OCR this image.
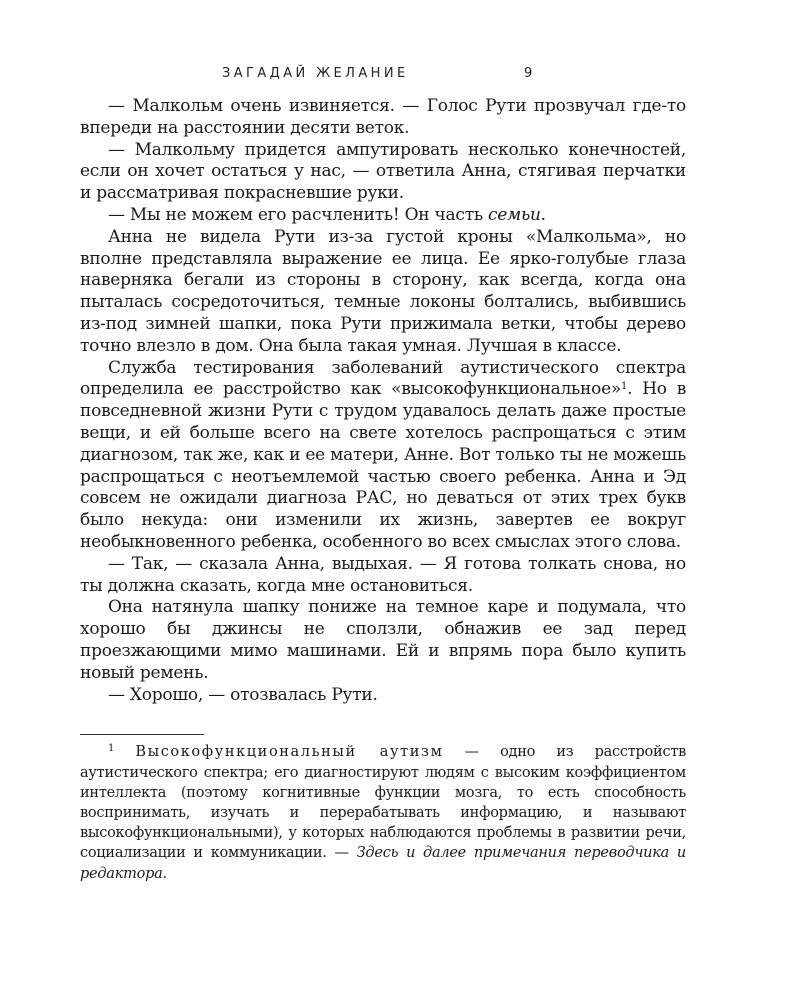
ЗАГАДАЙ ЖЕЛАНИЕ	9

— Малкольм очень извиняется. — Голос Рути прозвучал где-то впереди на расстоянии десяти веток.

— Малкольму придется ампутировать несколько конечностей, если он хочет остаться у нас, — ответила Анна, стягивая перчатки и рассматривая покрасневшие руки.

— Мы не можем его расчленить! Он часть семьи.

Анна не видела Рути из-за густой кроны «Малкольма», но вполне представляла выражение ее лица. Ее ярко-голубые глаза наверняка бегали из стороны в сторону, как всегда, когда она пыталась сосредоточиться, темные локоны болтались, выбившись из-под зимней шапки, пока Рути прижимала ветки, чтобы дерево точно влезло в дом. Она была такая умная. Лучшая в классе.

Служба тестирования заболеваний аутистического спектра определила ее расстройство как «высокофункциональное»$^1$. Но в повседневной жизни Рути с трудом удавалось делать даже простые вещи, и ей больше всего на свете хотелось распрощаться с этим диагнозом, так же, как и ее матери, Анне. Вот только ты не можешь распрощаться с неотъемлемой частью своего ребенка. Анна и Эд совсем не ожидали диагноза РАС, но деваться от этих трех букв было некуда: они изменили их жизнь, завертев ее вокруг необыкновенного ребенка, особенного во всех смыслах этого слова.

— Так, — сказала Анна, выдыхая. — Я готова толкать снова, но ты должна сказать, когда мне остановиться.

Она натянула шапку пониже на темное каре и подумала, что хорошо бы джинсы не сползли, обнажив ее зад перед проезжающими мимо машинами. Ей и впрямь пора было купить новый ремень.

— Хорошо, — отозвалась Рути.

$^1$ Высокофункциональный аутизм — одно из расстройств аутистического спектра; его диагностируют людям с высоким коэффициентом интеллекта (поэтому когнитивные функции мозга, то есть способность воспринимать, изучать и перерабатывать информацию, и называют высокофункциональными), у которых наблюдаются проблемы в развитии речи, социализации и коммуникации. — Здесь и далее примечания переводчика и редактора.
